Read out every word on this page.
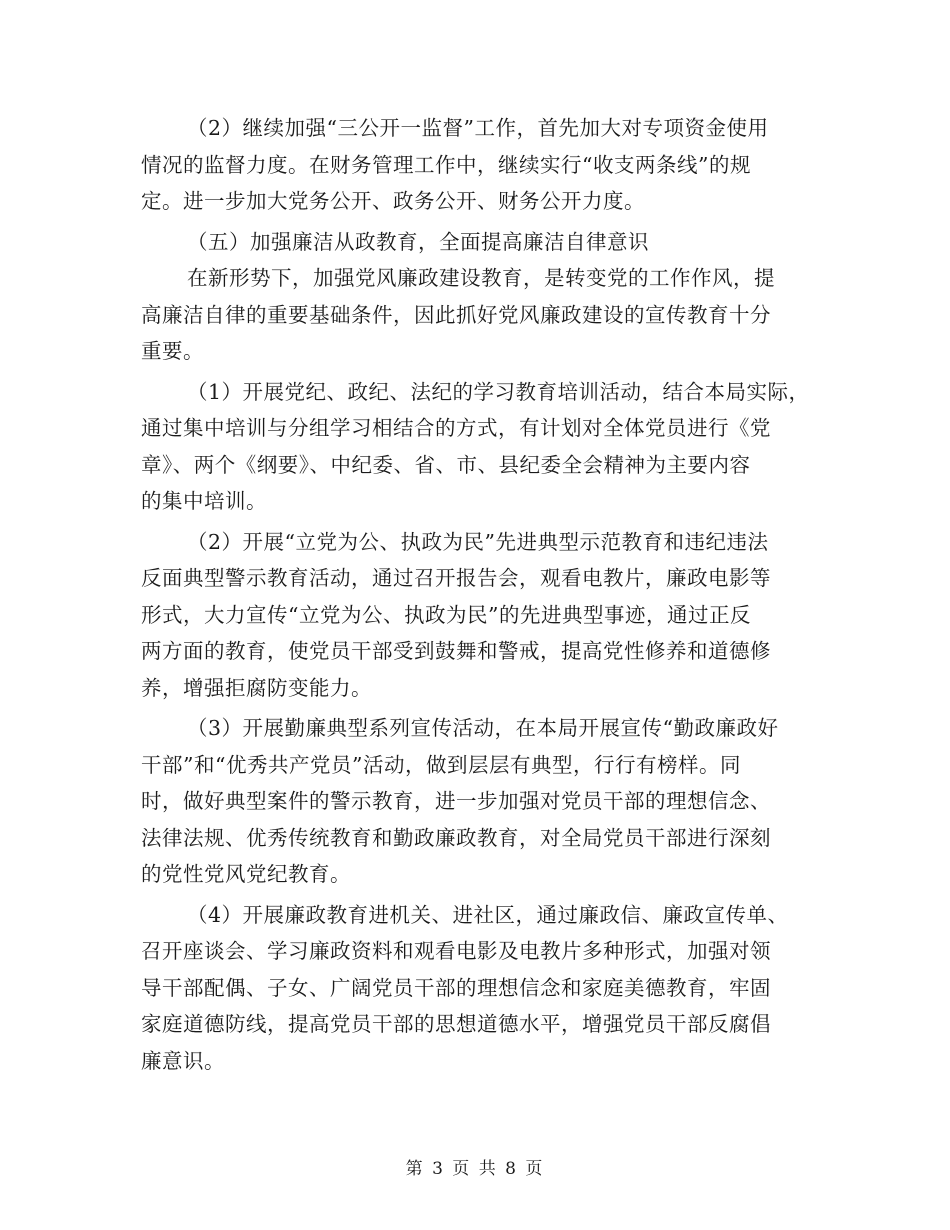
（2）继续加强“三公开一监督”工作，首先加大对专项资金使用
情况的监督力度。在财务管理工作中，继续实行“收支两条线”的规
定。进一步加大党务公开、政务公开、财务公开力度。
（五）加强廉洁从政教育，全面提高廉洁自律意识
在新形势下，加强党风廉政建设教育，是转变党的工作作风，提
高廉洁自律的重要基础条件，因此抓好党风廉政建设的宣传教育十分
重要。
（1）开展党纪、政纪、法纪的学习教育培训活动，结合本局实际，
通过集中培训与分组学习相结合的方式，有计划对全体党员进行《党
章》、两个《纲要》、中纪委、省、市、县纪委全会精神为主要内容
的集中培训。
（2）开展“立党为公、执政为民”先进典型示范教育和违纪违法
反面典型警示教育活动，通过召开报告会，观看电教片，廉政电影等
形式，大力宣传“立党为公、执政为民”的先进典型事迹，通过正反
两方面的教育，使党员干部受到鼓舞和警戒，提高党性修养和道德修
养，增强拒腐防变能力。
（3）开展勤廉典型系列宣传活动，在本局开展宣传“勤政廉政好
干部”和“优秀共产党员”活动，做到层层有典型，行行有榜样。同
时，做好典型案件的警示教育，进一步加强对党员干部的理想信念、
法律法规、优秀传统教育和勤政廉政教育，对全局党员干部进行深刻
的党性党风党纪教育。
（4）开展廉政教育进机关、进社区，通过廉政信、廉政宣传单、
召开座谈会、学习廉政资料和观看电影及电教片多种形式，加强对领
导干部配偶、子女、广阔党员干部的理想信念和家庭美德教育，牢固
家庭道德防线，提高党员干部的思想道德水平，增强党员干部反腐倡
廉意识。
第 3 页 共 8 页
